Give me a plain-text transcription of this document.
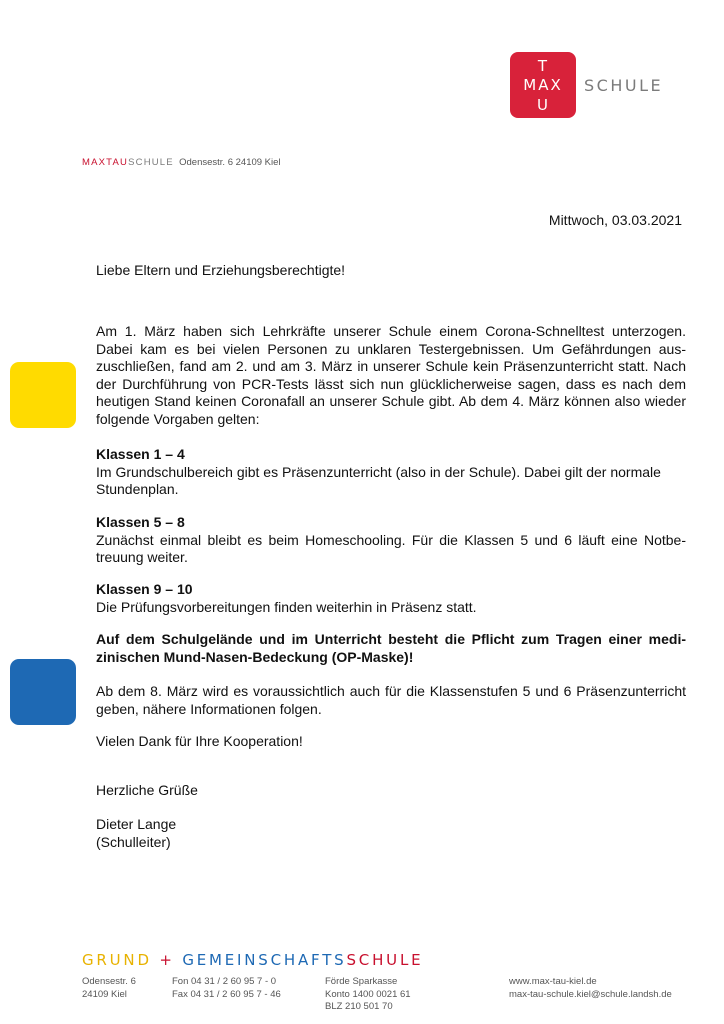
T
MAX
U
SCHULE
MAXTAUSCHULE Odensestr. 6 24109 Kiel
Mittwoch, 03.03.2021
Liebe Eltern und Erziehungsberechtigte!
Am 1. März haben sich Lehrkräfte unserer Schule einem Corona-Schnelltest unterzogen. Dabei kam es bei vielen Personen zu unklaren Testergebnissen. Um Gefährdungen auszuschließen, fand am 2. und am 3. März in unserer Schule kein Präsenzunterricht statt. Nach der Durchführung von PCR-Tests lässt sich nun glücklicherweise sagen, dass es nach dem heutigen Stand keinen Coronafall an unserer Schule gibt. Ab dem 4. März können also wieder folgende Vorgaben gelten:
Klassen 1 – 4
Im Grundschulbereich gibt es Präsenzunterricht (also in der Schule). Dabei gilt der normale Stundenplan.
Klassen 5 – 8
Zunächst einmal bleibt es beim Homeschooling. Für die Klassen 5 und 6 läuft eine Notbetreuung weiter.
Klassen 9 – 10
Die Prüfungsvorbereitungen finden weiterhin in Präsenz statt.
Auf dem Schulgelände und im Unterricht besteht die Pflicht zum Tragen einer medizinischen Mund-Nasen-Bedeckung (OP-Maske)!
Ab dem 8. März wird es voraussichtlich auch für die Klassenstufen 5 und 6 Präsenzunterricht geben, nähere Informationen folgen.
Vielen Dank für Ihre Kooperation!
Herzliche Grüße
Dieter Lange
(Schulleiter)
GRUND + GEMEINSCHAFTSSCHULE
Odensestr. 6
24109 Kiel
Fon 04 31 / 2 60 95 7 - 0
Fax 04 31 / 2 60 95 7 - 46
Förde Sparkasse
Konto 1400 0021 61
BLZ 210 501 70
www.max-tau-kiel.de
max-tau-schule.kiel@schule.landsh.de
